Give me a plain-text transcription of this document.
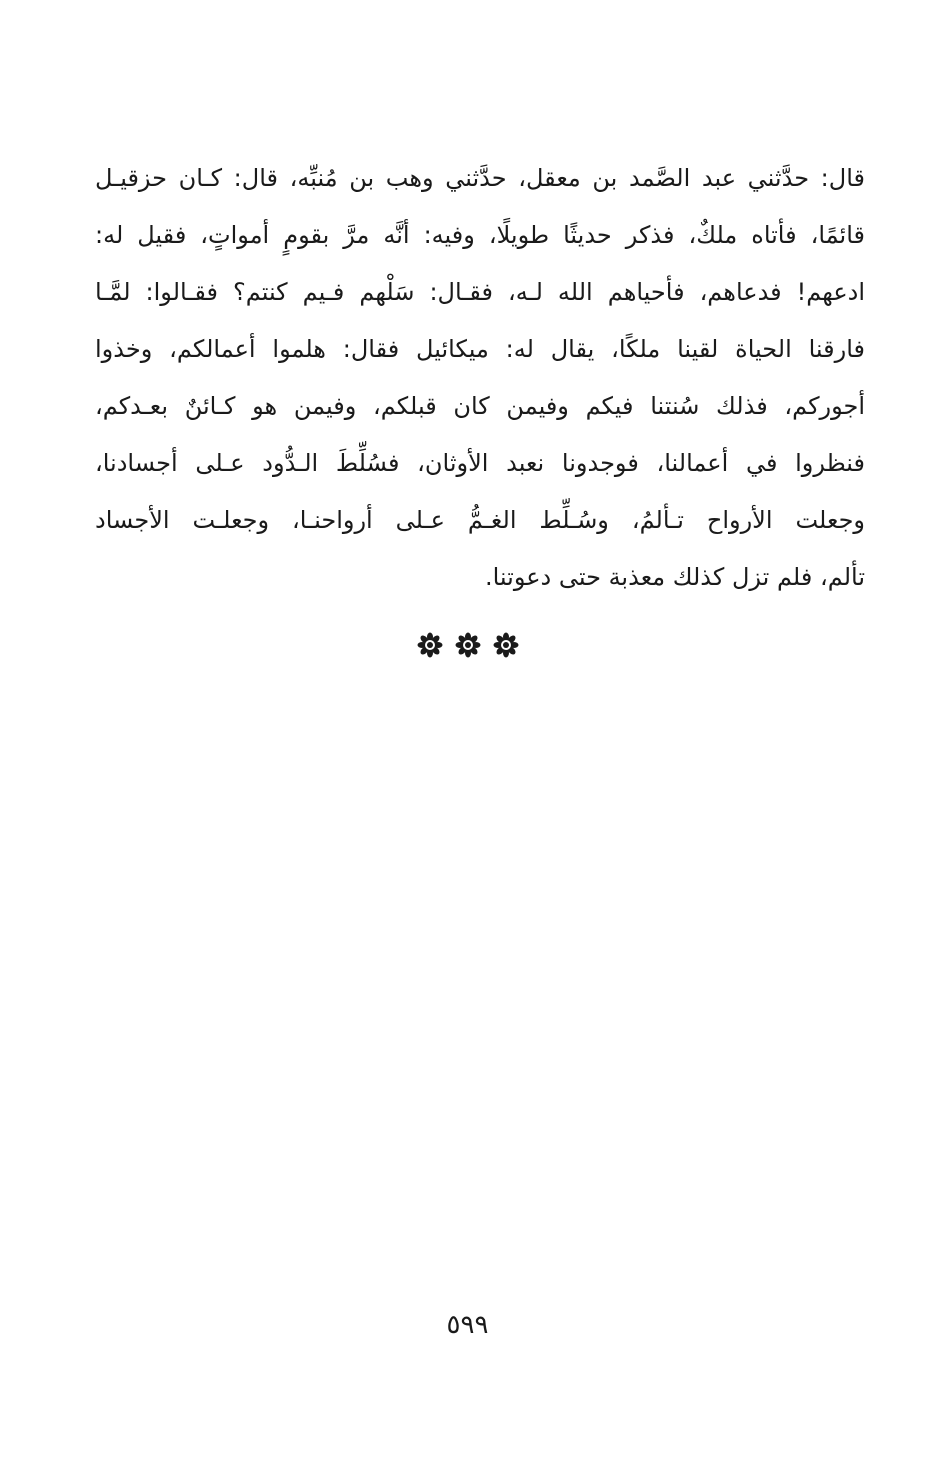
قال: حدَّثني عبد الصَّمد بن معقل، حدَّثني وهب بن مُنبِّه، قال: كـان حزقيـل
قائمًا، فأتاه ملكٌ، فذكر حديثًا طويلًا، وفيه: أنَّه مرَّ بقومٍ أمواتٍ، فقيل له:
ادعهم! فدعاهم، فأحياهم الله لـه، فقـال: سَلْهم فـيم كنتم؟ فقـالوا: لمَّـا
فارقنا الحياة لقينا ملكًا، يقال له: ميكائيل فقال: هلموا أعمالكم، وخذوا
أجوركم، فذلك سُنتنا فيكم وفيمن كان قبلكم، وفيمن هو كـائنٌ بعـدكم،
فنظروا في أعمالنا، فوجدونا نعبد الأوثان، فسُلِّطَ الـدُّود عـلى أجسادنا،
وجعلت الأرواح تـألمُ، وسُـلِّط الغـمُّ عـلى أرواحنـا، وجعلـت الأجساد
تألم، فلم تزل كذلك معذبة حتى دعوتنا.
٥٩٩
